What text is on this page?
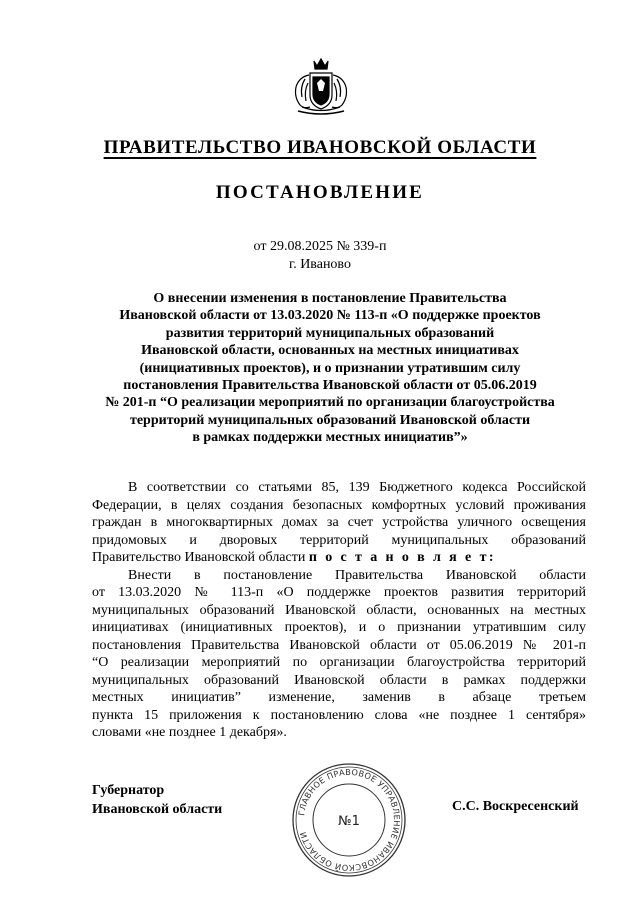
ПРАВИТЕЛЬСТВО ИВАНОВСКОЙ ОБЛАСТИ
ПОСТАНОВЛЕНИЕ
от 29.08.2025 № 339-п
г. Иваново
О внесении изменения в постановление Правительства
Ивановской области от 13.03.2020 № 113-п «О поддержке проектов
развития территорий муниципальных образований
Ивановской области, основанных на местных инициативах
(инициативных проектов), и о признании утратившим силу
постановления Правительства Ивановской области от 05.06.2019
№ 201-п “О реализации мероприятий по организации благоустройства
территорий муниципальных образований Ивановской области
в рамках поддержки местных инициатив”»
В соответствии со статьями 85, 139 Бюджетного кодекса Российской
Федерации, в целях создания безопасных комфортных условий проживания
граждан в многоквартирных домах за счет устройства уличного освещения
придомовых и дворовых территорий муниципальных образований
Правительство Ивановской области п о с т а н о в л я е т:
Внести в постановление Правительства Ивановской области
от 13.03.2020 № 113-п «О поддержке проектов развития территорий
муниципальных образований Ивановской области, основанных на местных
инициативах (инициативных проектов), и о признании утратившим силу
постановления Правительства Ивановской области от 05.06.2019 № 201-п
“О реализации мероприятий по организации благоустройства территорий
муниципальных образований Ивановской области в рамках поддержки
местных инициатив” изменение, заменив в абзаце третьем
пункта 15 приложения к постановлению слова «не позднее 1 сентября»
словами «не позднее 1 декабря».
Губернатор
Ивановской области	С.С. Воскресенский
ГЛАВНОЕ ПРАВОВОЕ УПРАВЛЕНИЕ ИВАНОВСКОЙ ОБЛАСТИ
№1
